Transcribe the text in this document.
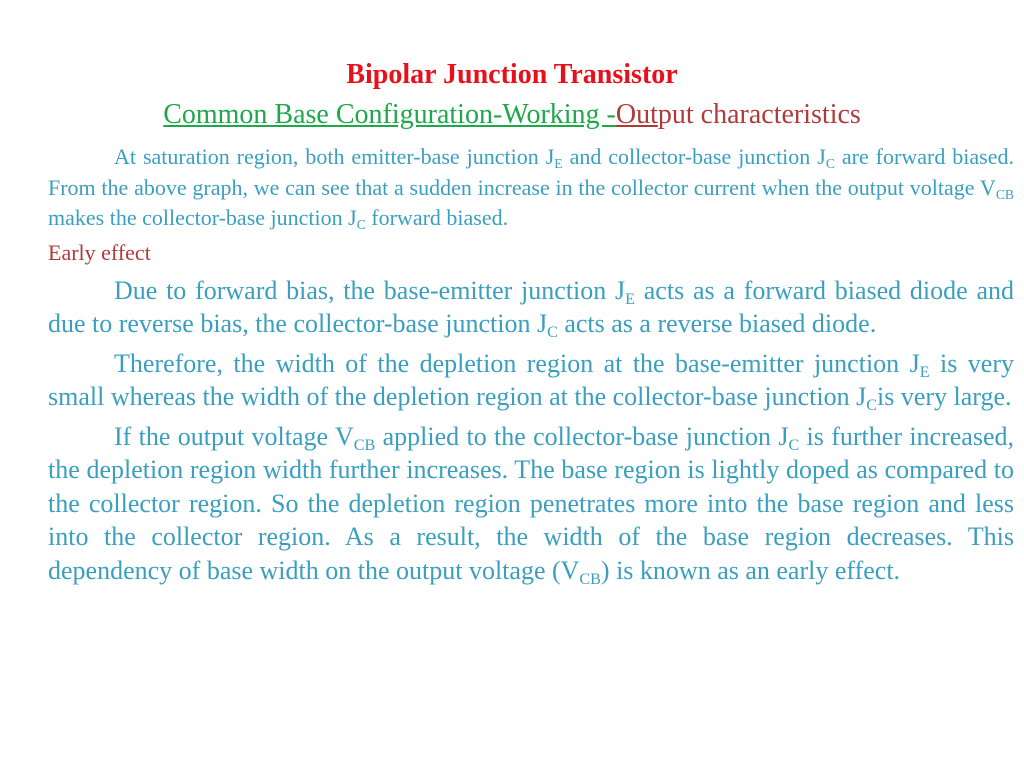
Bipolar Junction Transistor
Common Base Configuration-Working -Output characteristics

At saturation region, both emitter-base junction $J_E$ and collector-base junction $J_C$ are forward biased. From the above graph, we can see that a sudden increase in the collector current when the output voltage $V_{CB}$ makes the collector-base junction $J_C$ forward biased.

Early effect

Due to forward bias, the base-emitter junction $J_E$ acts as a forward biased diode and due to reverse bias, the collector-base junction $J_C$ acts as a reverse biased diode.

Therefore, the width of the depletion region at the base-emitter junction $J_E$ is very small whereas the width of the depletion region at the collector-base junction $J_Cis$ very large.

If the output voltage $V_{CB}$ applied to the collector-base junction $J_C$ is further increased, the depletion region width further increases. The base region is lightly doped as compared to the collector region. So the depletion region penetrates more into the base region and less into the collector region. As a result, the width of the base region decreases. This dependency of base width on the output voltage $(V_{CB})$ is known as an early effect.
